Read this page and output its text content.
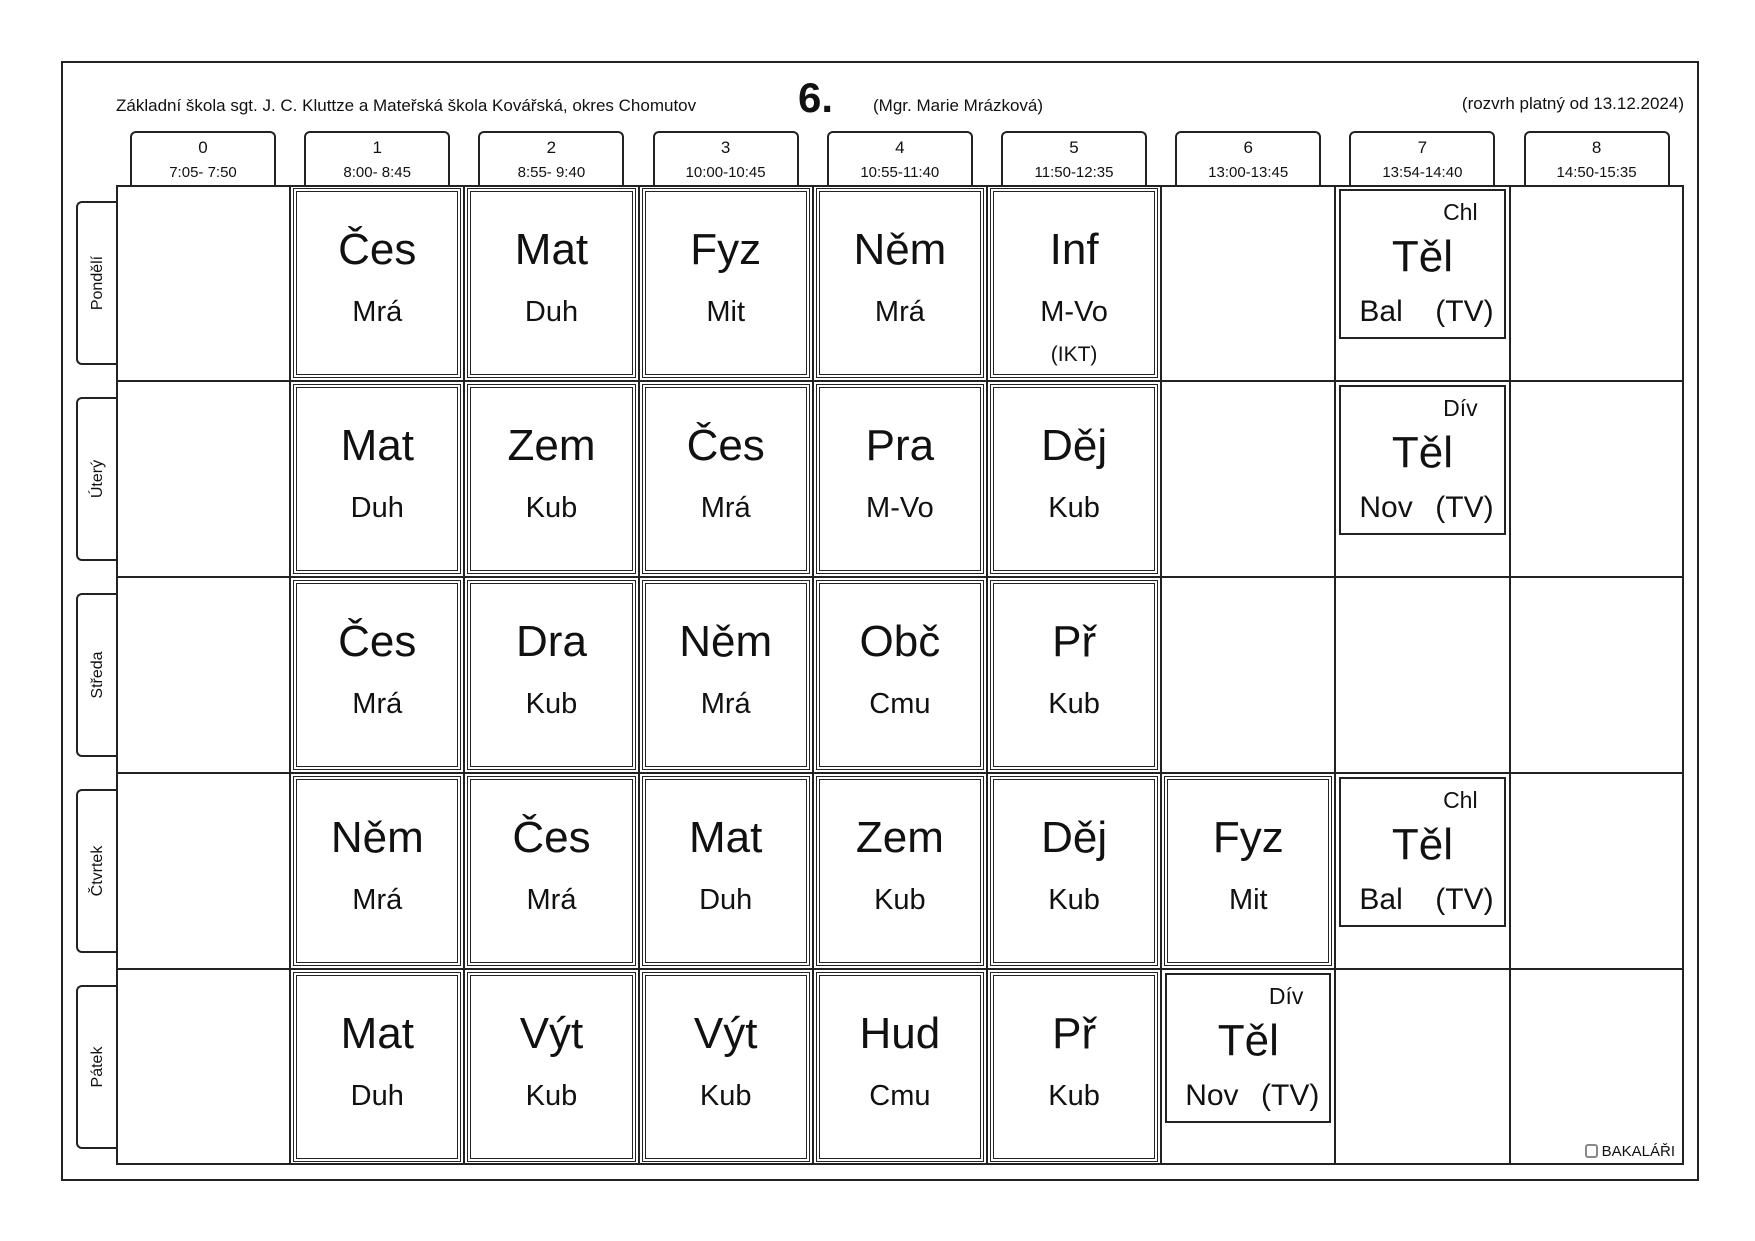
Základní škola sgt. J. C. Kluttze a Mateřská škola Kovářská, okres Chomutov 6. (Mgr. Marie Mrázková)	(rozvrh platný od 13.12.2024)
0
7:05- 7:50
1
8:00- 8:45
2
8:55- 9:40
3
10:00-10:45
4
10:55-11:40
5
11:50-12:35
6
13:00-13:45
7
13:54-14:40
8
14:50-15:35
Pondělí
Úterý
Středa
Čtvrtek
Pátek
Čes
Mrá
Mat
Duh
Fyz
Mit
Něm
Mrá
Inf
M-Vo
(IKT)
Mat
Duh
Zem
Kub
Čes
Mrá
Pra
M-Vo
Děj
Kub
Čes
Mrá
Dra
Kub
Něm
Mrá
Obč
Cmu
Př
Kub
Něm
Mrá
Čes
Mrá
Mat
Duh
Zem
Kub
Děj
Kub
Fyz
Mit
Mat
Duh
Výt
Kub
Výt
Kub
Hud
Cmu
Př
Kub
Chl
Těl
Bal (TV)
Dív
Těl
Nov (TV)
Chl
Těl
Bal (TV)
Dív
Těl
Nov (TV)
BAKALÁŘI
